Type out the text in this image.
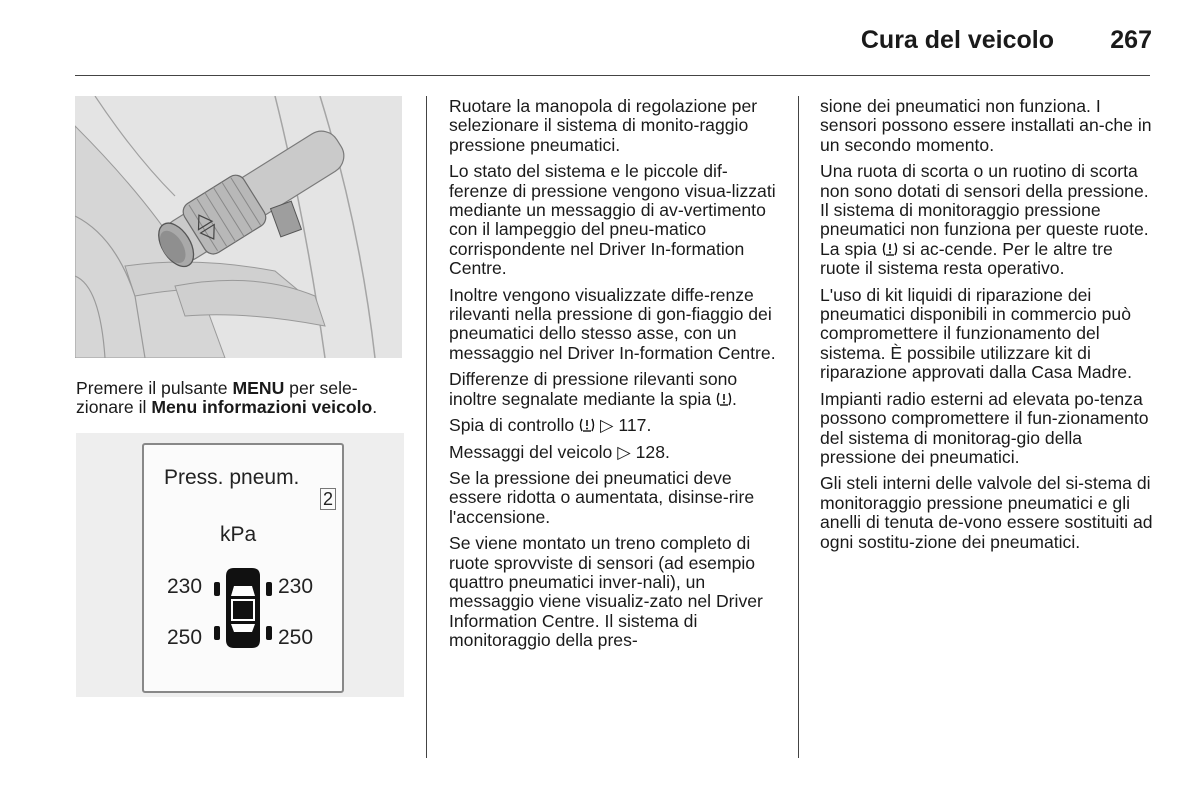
Cura del veicolo 267
Premere il pulsante MENU per sele-zionare il Menu informazioni veicolo.
Press. pneum.
2
kPa
230	230
250	250

Ruotare la manopola di regolazione per selezionare il sistema di monito-raggio pressione pneumatici.

Lo stato del sistema e le piccole dif-ferenze di pressione vengono visua-lizzati mediante un messaggio di av-vertimento con il lampeggio del pneu-matico corrispondente nel Driver In-formation Centre.

Inoltre vengono visualizzate diffe-renze rilevanti nella pressione di gon-fiaggio dei pneumatici dello stesso asse, con un messaggio nel Driver In-formation Centre.

Differenze di pressione rilevanti sono inoltre segnalate mediante la spia .

Spia di controllo  ▷ 117.

Messaggi del veicolo ▷ 128.

Se la pressione dei pneumatici deve essere ridotta o aumentata, disinse-rire l'accensione.

Se viene montato un treno completo di ruote sprovviste di sensori (ad esempio quattro pneumatici inver-nali), un messaggio viene visualiz-zato nel Driver Information Centre. Il sistema di monitoraggio della pres-

sione dei pneumatici non funziona. I sensori possono essere installati an-che in un secondo momento.

Una ruota di scorta o un ruotino di scorta non sono dotati di sensori della pressione. Il sistema di monitoraggio pressione pneumatici non funziona per queste ruote. La spia  si ac-cende. Per le altre tre ruote il sistema resta operativo.

L'uso di kit liquidi di riparazione dei pneumatici disponibili in commercio può compromettere il funzionamento del sistema. È possibile utilizzare kit di riparazione approvati dalla Casa Madre.

Impianti radio esterni ad elevata po-tenza possono compromettere il fun-zionamento del sistema di monitorag-gio della pressione dei pneumatici.

Gli steli interni delle valvole del si-stema di monitoraggio pressione pneumatici e gli anelli di tenuta de-vono essere sostituiti ad ogni sostitu-zione dei pneumatici.
